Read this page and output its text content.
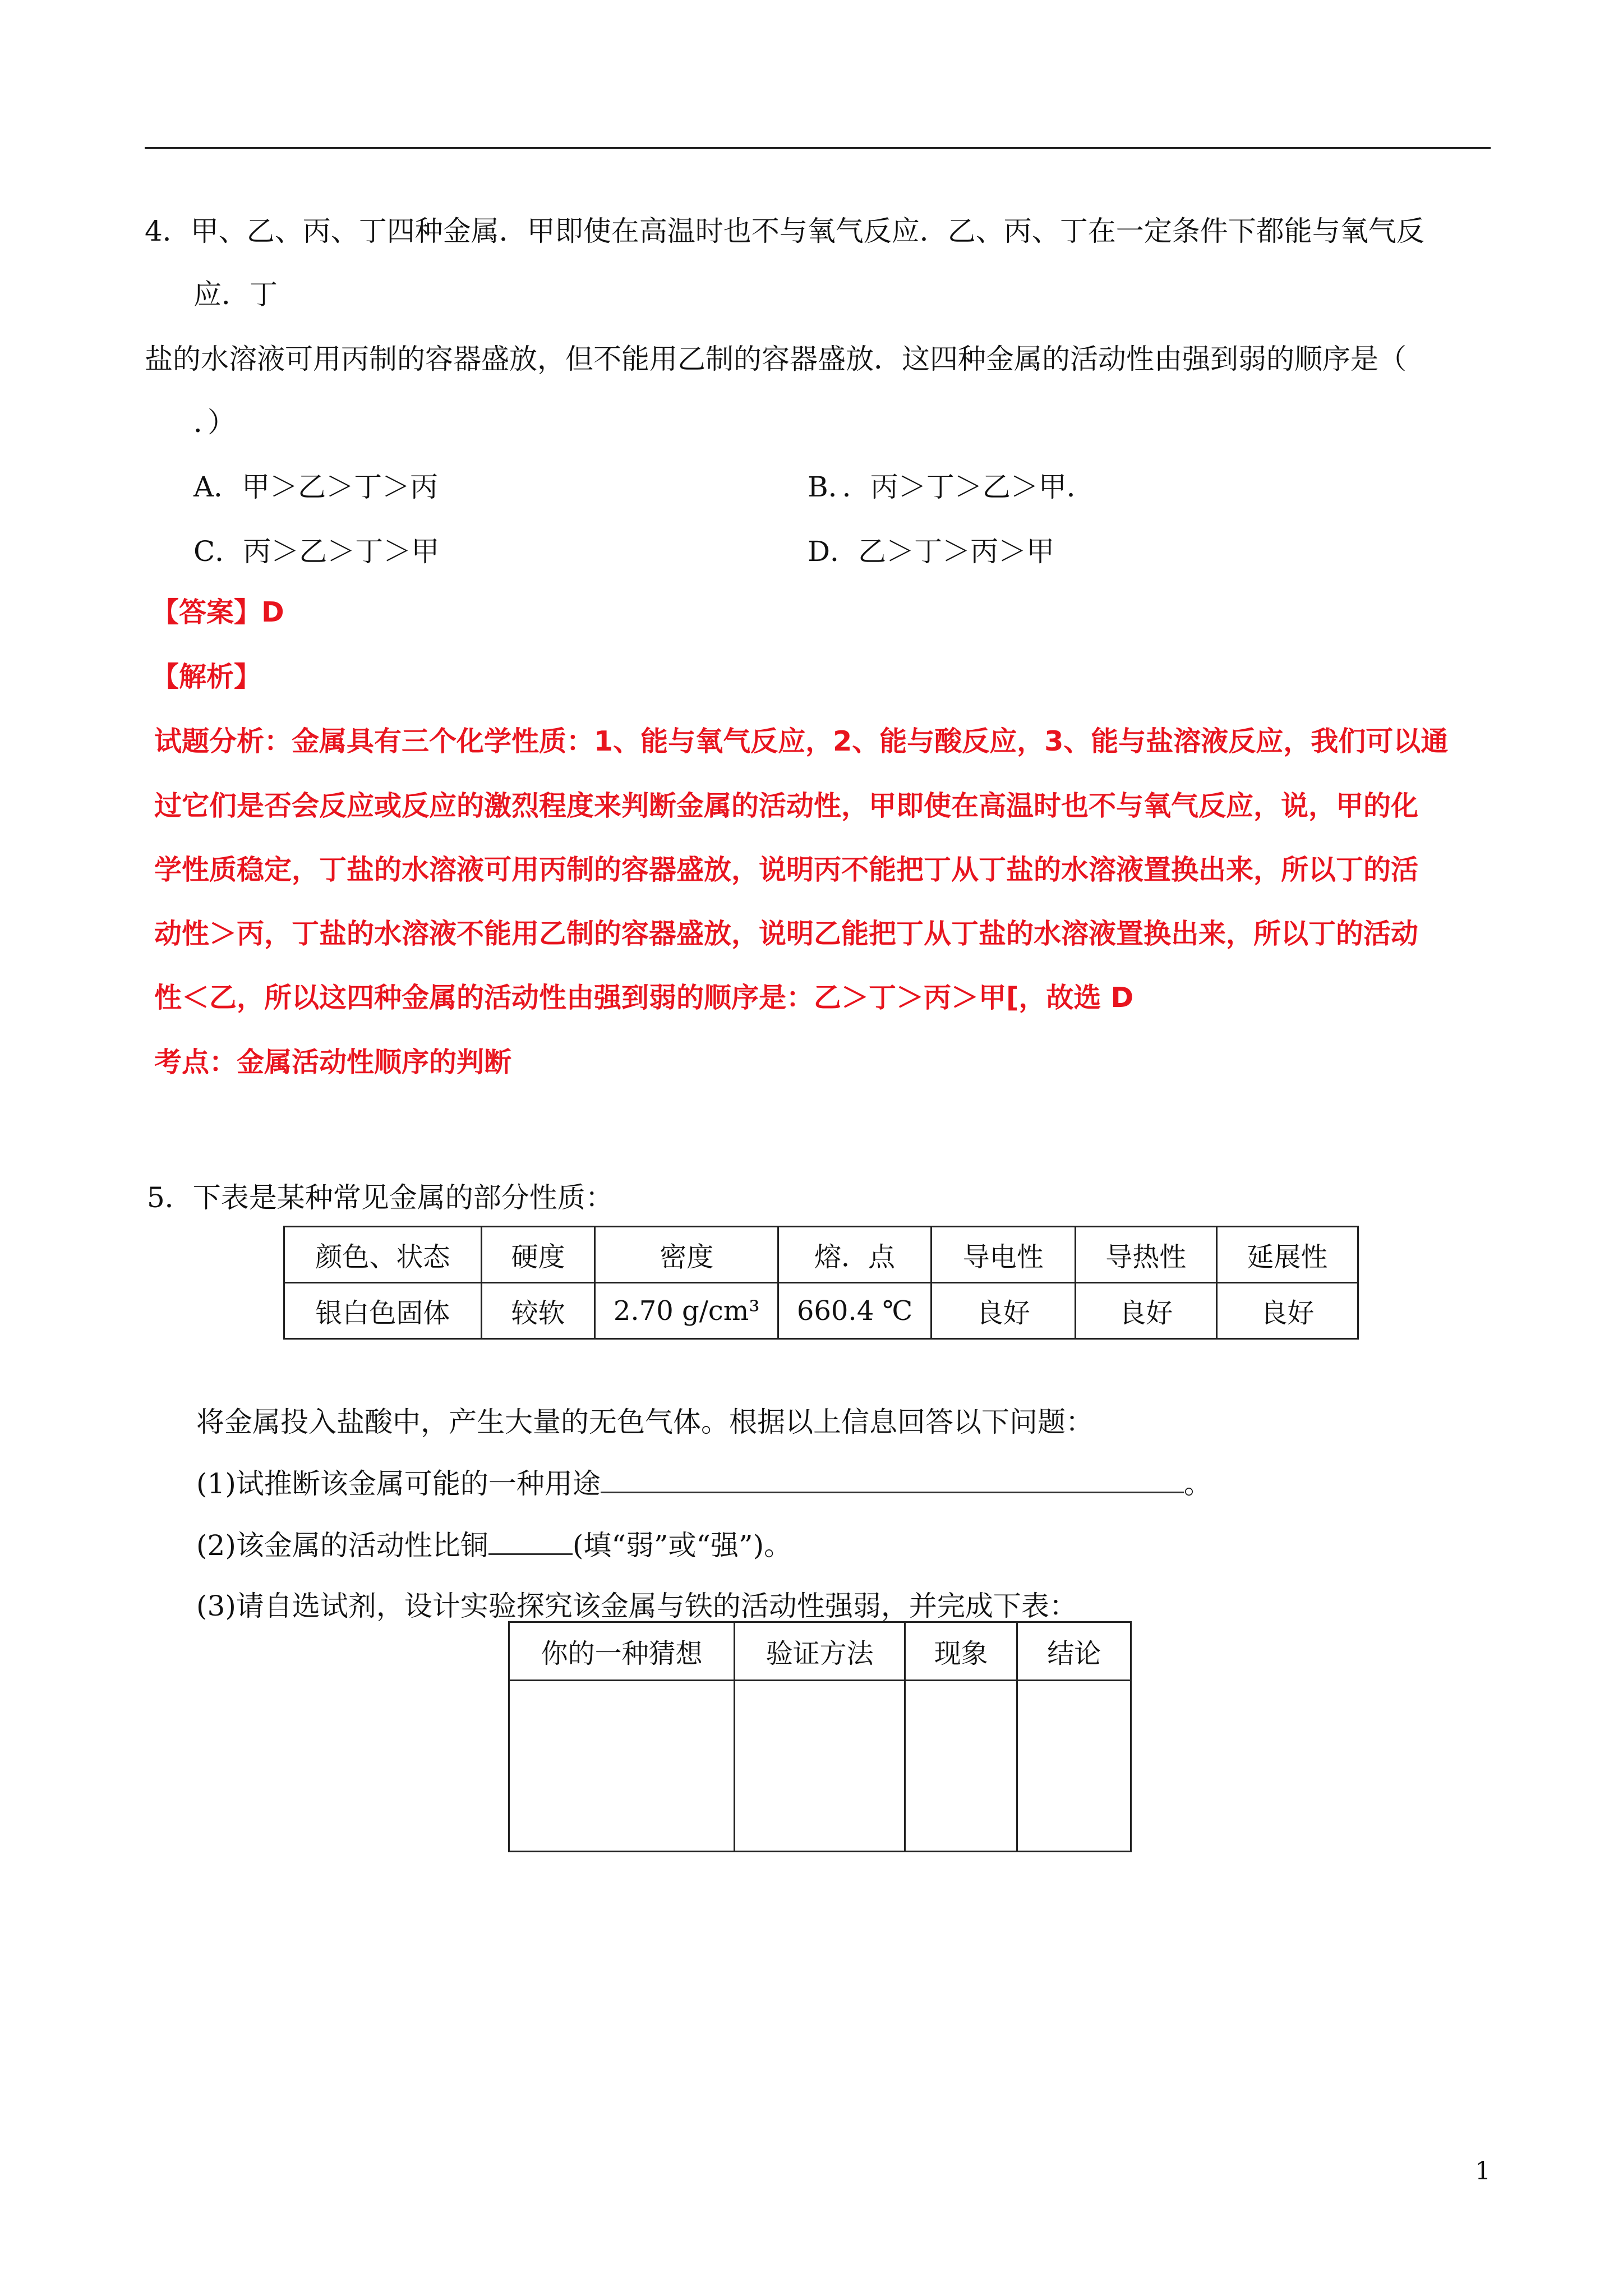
4．甲、乙、丙、丁四种金属．甲即使在高温时也不与氧气反应．乙、丙、丁在一定条件下都能与氧气反
应．丁
盐的水溶液可用丙制的容器盛放，但不能用乙制的容器盛放．这四种金属的活动性由强到弱的顺序是（
．）
A．甲＞乙＞丁＞丙	B．．丙＞丁＞乙＞甲．
C．丙＞乙＞丁＞甲	D．乙＞丁＞丙＞甲
【答案】D
【解析】
试题分析：金属具有三个化学性质：1、能与氧气反应，2、能与酸反应，3、能与盐溶液反应，我们可以通
过它们是否会反应或反应的激烈程度来判断金属的活动性，甲即使在高温时也不与氧气反应，说，甲的化
学性质稳定，丁盐的水溶液可用丙制的容器盛放，说明丙不能把丁从丁盐的水溶液置换出来，所以丁的活
动性＞丙，丁盐的水溶液不能用乙制的容器盛放，说明乙能把丁从丁盐的水溶液置换出来，所以丁的活动
性＜乙，所以这四种金属的活动性由强到弱的顺序是：乙＞丁＞丙＞甲[，故选 D
考点：金属活动性顺序的判断
5．下表是某种常见金属的部分性质：
颜色、状态	硬度	密度	熔．点	导电性	导热性	延展性
银白色固体	较软	2.70 g/cm³	660.4 ℃	良好	良好	良好
将金属投入盐酸中，产生大量的无色气体。根据以上信息回答以下问题：
(1)试推断该金属可能的一种用途	。
(2)该金属的活动性比铜	(填“弱”或“强”)。
(3)请自选试剂，设计实验探究该金属与铁的活动性强弱，并完成下表：
你的一种猜想	验证方法	现象	结论

1
